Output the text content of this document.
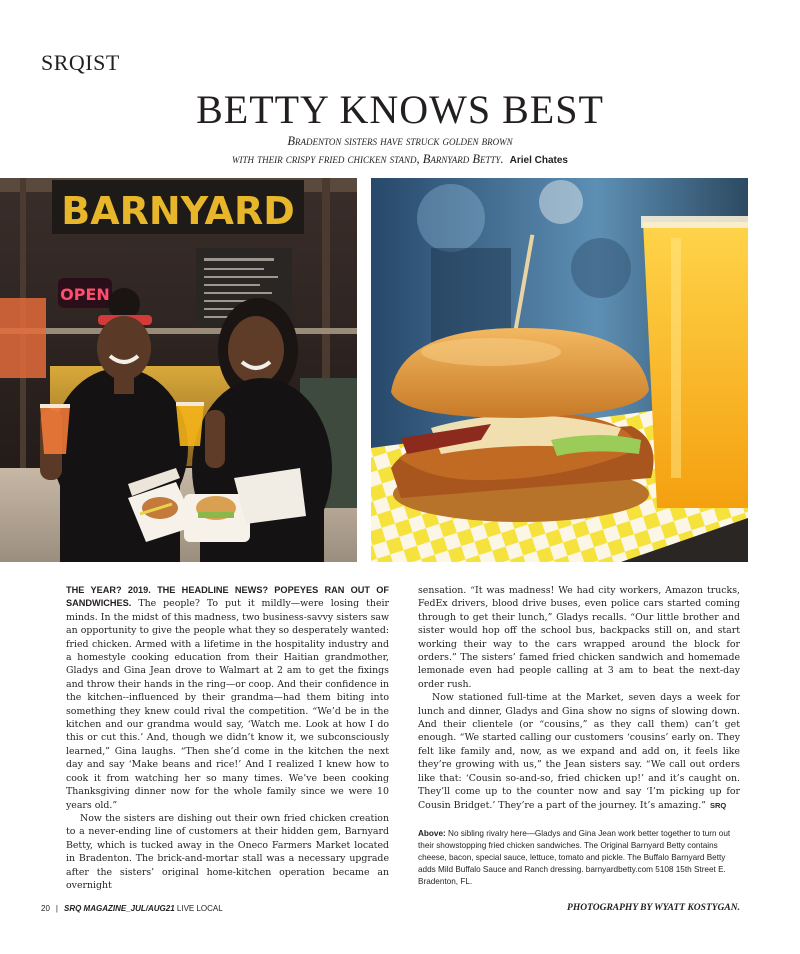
SRQIST
BETTY KNOWS BEST
Bradenton sisters have struck golden brown
with their crispy fried chicken stand, Barnyard Betty. Ariel Chates
BARNYARD
OPEN

THE YEAR? 2019. THE HEADLINE NEWS? POPEYES RAN OUT OF SANDWICHES. The people? To put it mildly—were losing their minds. In the midst of this madness, two business-savvy sisters saw an opportunity to give the people what they so desperately wanted: fried chicken. Armed with a lifetime in the hospitality industry and a homestyle cooking education from their Haitian grandmother, Gladys and Gina Jean drove to Walmart at 2 am to get the fixings and throw their hands in the ring—or coop. And their confidence in the kitchen--influenced by their grandma—had them biting into something they knew could rival the competition. “We’d be in the kitchen and our grandma would say, ‘Watch me. Look at how I do this or cut this.’ And, though we didn’t know it, we subconsciously learned,” Gina laughs. “Then she’d come in the kitchen the next day and say ‘Make beans and rice!’ And I realized I knew how to cook it from watching her so many times. We’ve been cooking Thanksgiving dinner now for the whole family since we were 10 years old.”

Now the sisters are dishing out their own fried chicken creation to a never-ending line of customers at their hidden gem, Barnyard Betty, which is tucked away in the Oneco Farmers Market located in Bradenton. The brick-and-mortar stall was a necessary upgrade after the sisters’ original home-kitchen operation became an overnight

sensation. “It was madness! We had city workers, Amazon trucks, FedEx drivers, blood drive buses, even police cars started coming through to get their lunch,” Gladys recalls. “Our little brother and sister would hop off the school bus, backpacks still on, and start working their way to the cars wrapped around the block for orders.” The sisters’ famed fried chicken sandwich and homemade lemonade even had people calling at 3 am to beat the next-day order rush.

Now stationed full-time at the Market, seven days a week for lunch and dinner, Gladys and Gina show no signs of slowing down. And their clientele (or “cousins,” as they call them) can’t get enough. “We started calling our customers ‘cousins’ early on. They felt like family and, now, as we expand and add on, it feels like they’re growing with us,” the Jean sisters say. “We call out orders like that: ‘Cousin so-and-so, fried chicken up!’ and it’s caught on. They’ll come up to the counter now and say ‘I’m picking up for Cousin Bridget.’ They’re a part of the journey. It’s amazing.” SRQ

Above: No sibling rivalry here—Gladys and Gina Jean work better together to turn out their showstopping fried chicken sandwiches. The Original Barnyard Betty contains cheese, bacon, special sauce, lettuce, tomato and pickle. The Buffalo Barnyard Betty adds Mild Buffalo Sauce and Ranch dressing. barnyardbetty.com 5108 15th Street E. Bradenton, FL.
20 | SRQ MAGAZINE_JUL/AUG21 LIVE LOCAL	PHOTOGRAPHY BY WYATT KOSTYGAN.
